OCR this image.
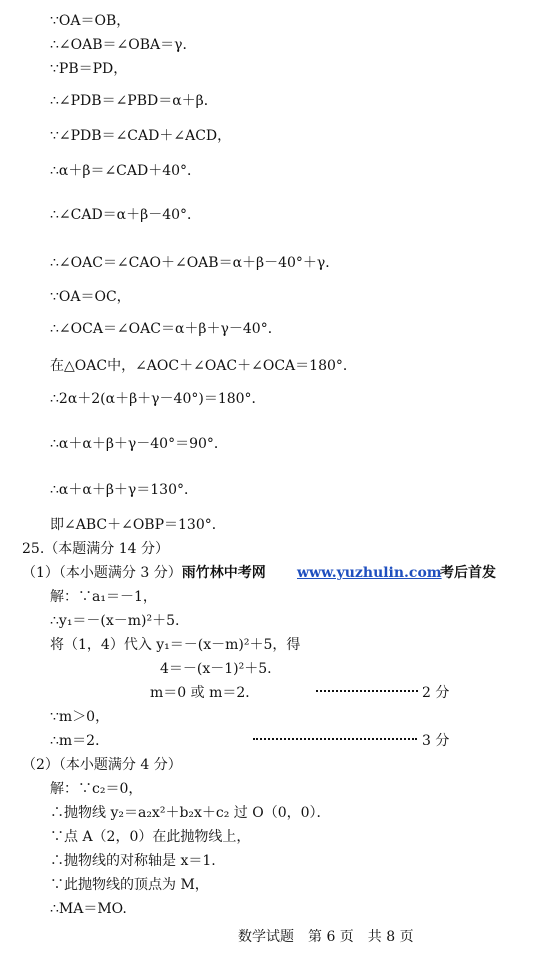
∵OA＝OB，
∴∠OAB＝∠OBA＝γ．
∵PB＝PD，
∴∠PDB＝∠PBD＝α＋β．
∵∠PDB＝∠CAD＋∠ACD，
∴α＋β＝∠CAD＋40°．
∴∠CAD＝α＋β－40°．
∴∠OAC＝∠CAO＋∠OAB＝α＋β－40°＋γ．
∵OA＝OC，
∴∠OCA＝∠OAC＝α＋β＋γ－40°．
在△OAC中，∠AOC＋∠OAC＋∠OCA＝180°．
∴2α＋2(α＋β＋γ－40°)＝180°．
∴α＋α＋β＋γ－40°＝90°．
∴α＋α＋β＋γ＝130°．
即∠ABC＋∠OBP＝130°．
25.（本题满分 14 分）
（1）（本小题满分 3 分）雨竹林中考网 www.yuzhulin.com
考后首发
解：∵a₁＝－1，
∴y₁＝－(x－m)²＋5.
将（1，4）代入 y₁＝－(x－m)²＋5，得
4＝－(x－1)²＋5.
m＝0 或 m＝2．	2 分
∵m＞0，
∴m＝2．	3 分
（2）（本小题满分 4 分）
解：∵c₂＝0，
∴抛物线 y₂＝a₂x²＋b₂x＋c₂ 过 O（0，0）．
∵点 A（2，0）在此抛物线上，
∴抛物线的对称轴是 x＝1.
∵此抛物线的顶点为 M，
∴MA＝MO.
数学试题　第 6 页　共 8 页
